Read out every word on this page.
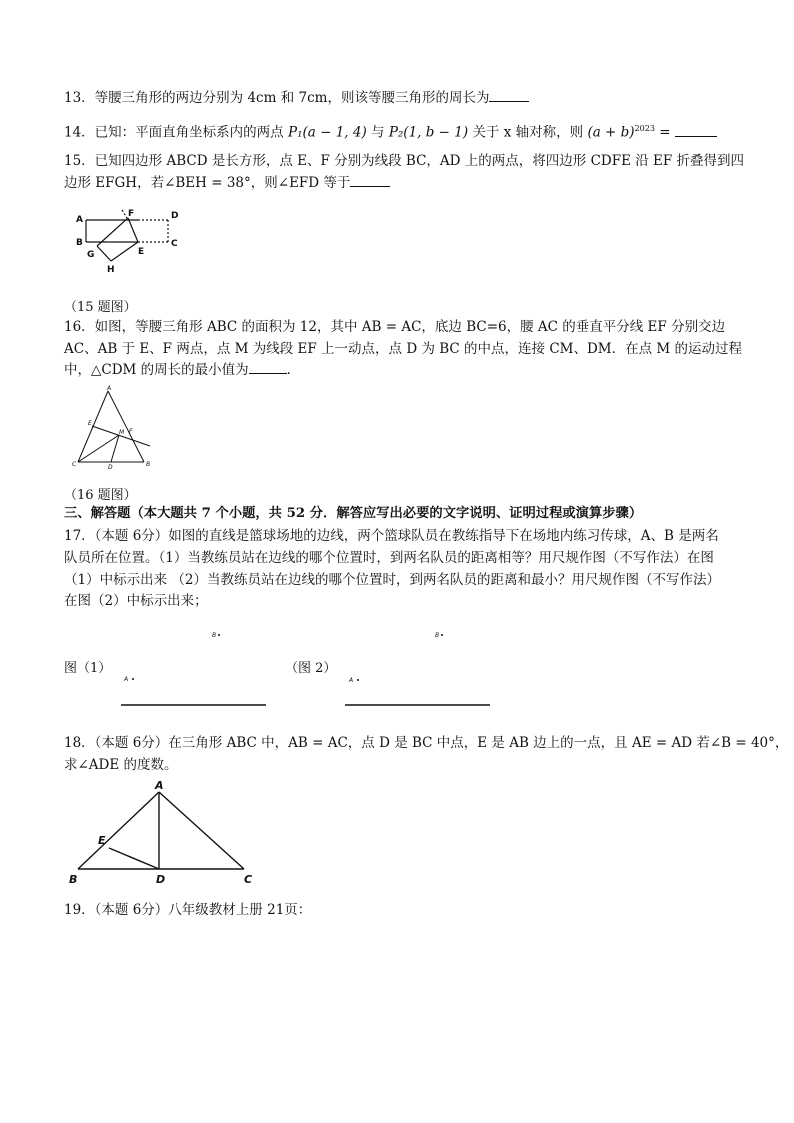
13．等腰三角形的两边分别为 4cm 和 7cm，则该等腰三角形的周长为
14．已知：平面直角坐标系内的两点 P₁(a − 1, 4) 与 P₂(1, b − 1) 关于 x 轴对称，则 $(a + b)^{2023}$ =
15．已知四边形 ABCD 是长方形，点 E、F 分别为线段 BC，AD 上的两点，将四边形 CDFE 沿 EF 折叠得到四
边形 EFGH，若∠BEH = 38°，则∠EFD 等于
A
B
D
C
F
E
G
H
（15 题图）
16．如图，等腰三角形 ABC 的面积为 12，其中 AB = AC，底边 BC=6，腰 AC 的垂直平分线 EF 分别交边
AC、AB 于 E、F 两点，点 M 为线段 EF 上一动点，点 D 为 BC 的中点，连接 CM、DM．在点 M 的运动过程
中，△CDM 的周长的最小值为	．
A
E
F
M
C	D	B
（16 题图）
三、解答题（本大题共 7 个小题，共 52 分．解答应写出必要的文字说明、证明过程或演算步骤）
17．（本题 6分）如图的直线是篮球场地的边线，两个篮球队员在教练指导下在场地内练习传球，A、B 是两名
队员所在位置。（1）当教练员站在边线的哪个位置时，到两名队员的距离相等？用尺规作图（不写作法）在图
（1）中标示出来 （2）当教练员站在边线的哪个位置时，到两名队员的距离和最小？用尺规作图（不写作法）
在图（2）中标示出来；
图（1）	（图 2）
B
A
B
A
18．（本题 6分）在三角形 ABC 中，AB = AC，点 D 是 BC 中点，E 是 AB 边上的一点，且 AE = AD 若∠B = 40°，
求∠ADE 的度数。
A
E
B	D	C
19．（本题 6分）八年级教材上册 21页：
